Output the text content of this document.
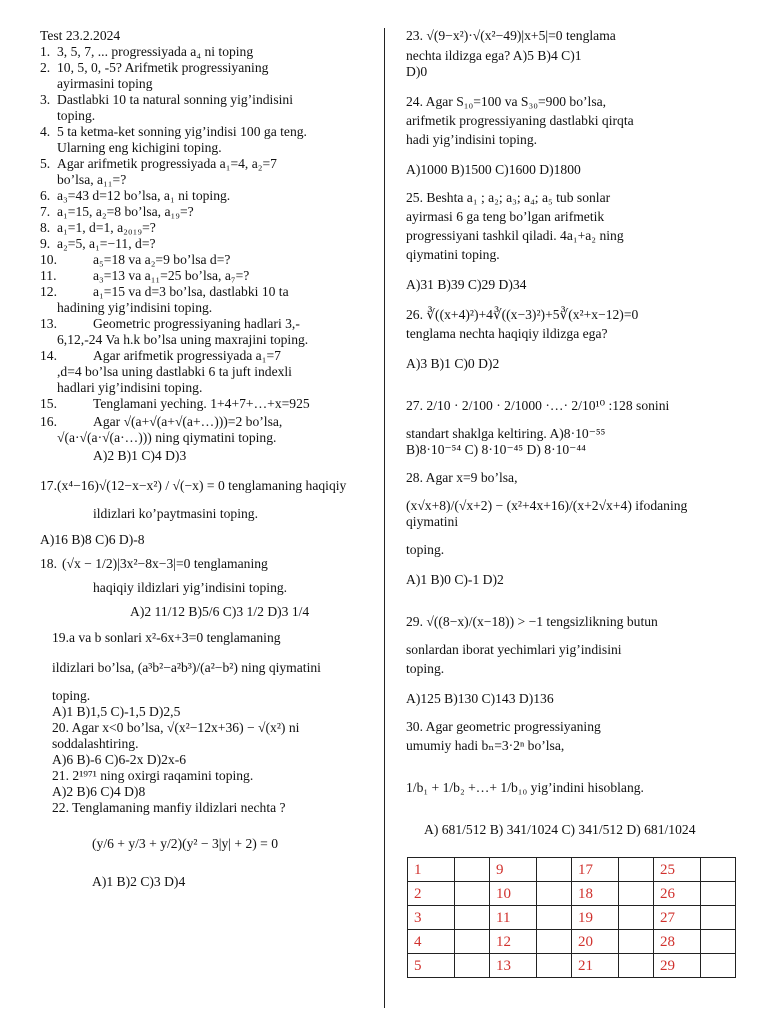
Test 23.2.2024

1. 3, 5, 7, ... progressiyada a₄ ni toping

2. 10, 5, 0, -5? Arifmetik progressiyaning
ayirmasini toping

3. Dastlabki 10 ta natural sonning yig’indisini
toping.

4. 5 ta ketma-ket sonning yig’indisi 100 ga teng.
Ularning eng kichigini toping.

5. Agar arifmetik progressiyada a₁=4, a₂=7
bo’lsa, a₁₁=?

6. a₃=43 d=12 bo’lsa, a₁ ni toping.

7. a₁=15, a₂=8 bo’lsa, a₁₉=?

8. a₁=1, d=1, a₂₀₁₉=?

9. a₂=5, a₁=−11, d=?

10.	a₅=18 va a₂=9 bo’lsa d=?

11.	a₃=13 va a₁₁=25 bo’lsa, a₇=?

12.	a₁=15 va d=3 bo’lsa, dastlabki 10 ta
hadining yig’indisini toping.

13.	Geometric progressiyaning hadlari 3,-
6,12,-24 Va h.k bo’lsa uning maxrajini toping.

14.	Agar arifmetik progressiyada a₁=7
,d=4 bo’lsa uning dastlabki 6 ta juft indexli
hadlari yig’indisini toping.

15.	Tenglamani yeching. 1+4+7+…+x=925

16.	Agar √(a+√(a+√(a+…)))=2 bo’lsa,
√(a·√(a·√(a·…))) ning qiymatini toping.

A)2 B)1 C)4 D)3

17.(x⁴−16)√(12−x−x²) / √(−x) = 0 tenglamaning haqiqiy

ildizlari ko’paytmasini toping.

A)16 B)8 C)6 D)-8

18. (√x − 1/2)|3x²−8x−3|=0 tenglamaning

haqiqiy ildizlari yig’indisini toping.

A)2 11/12 B)5/6 C)3 1/2 D)3 1/4

19.a va b sonlari x²-6x+3=0 tenglamaning

ildizlari bo’lsa, (a³b²−a²b³)/(a²−b²) ning qiymatini

toping.

A)1 B)1,5 C)-1,5 D)2,5

20. Agar x<0 bo’lsa, √(x²−12x+36) − √(x²) ni

soddalashtiring.

A)6 B)-6 C)6-2x D)2x-6

21. 2¹⁹⁷¹ ning oxirgi raqamini toping.

A)2 B)6 C)4 D)8

22. Tenglamaning manfiy ildizlari nechta ?

(y/6 + y/3 + y/2)(y² − 3|y| + 2) = 0

A)1 B)2 C)3 D)4

23. √(9−x²)·√(x²−49)|x+5|=0 tenglama

nechta ildizga ega? A)5 B)4 C)1

D)0

24. Agar S₁₀=100 va S₃₀=900 bo’lsa,

arifmetik progressiyaning dastlabki qirqta

hadi yig’indisini toping.

A)1000 B)1500 C)1600 D)1800

25. Beshta a₁ ; a₂; a₃; a₄; a₅ tub sonlar

ayirmasi 6 ga teng bo’lgan arifmetik

progressiyani tashkil qiladi. 4a₁+a₂ ning

qiymatini toping.

A)31 B)39 C)29 D)34

26. ∛((x+4)²)+4∛((x−3)²)+5∛(x²+x−12)=0

tenglama nechta haqiqiy ildizga ega?

A)3 B)1 C)0 D)2

27. 2/10 · 2/100 · 2/1000 ·…· 2/10¹⁰ :128 sonini

standart shaklga keltiring. A)8·10⁻⁵⁵

B)8·10⁻⁵⁴ C) 8·10⁻⁴⁵ D) 8·10⁻⁴⁴

28. Agar x=9 bo’lsa,

(x√x+8)/(√x+2) − (x²+4x+16)/(x+2√x+4) ifodaning qiymatini

toping.

A)1 B)0 C)-1 D)2

29. √((8−x)/(x−18)) > −1 tengsizlikning butun

sonlardan iborat yechimlari yig’indisini

toping.

A)125 B)130 C)143 D)136

30. Agar geometric progressiyaning

umumiy hadi bₙ=3·2ⁿ bo’lsa,

1/b₁ + 1/b₂ +…+ 1/b₁₀ yig’indini hisoblang.

A) 681/512 B) 341/1024 C) 341/512 D) 681/1024

1		9		17		25	
2		10		18		26	
3		11		19		27	
4		12		20		28	
5		13		21		29	
